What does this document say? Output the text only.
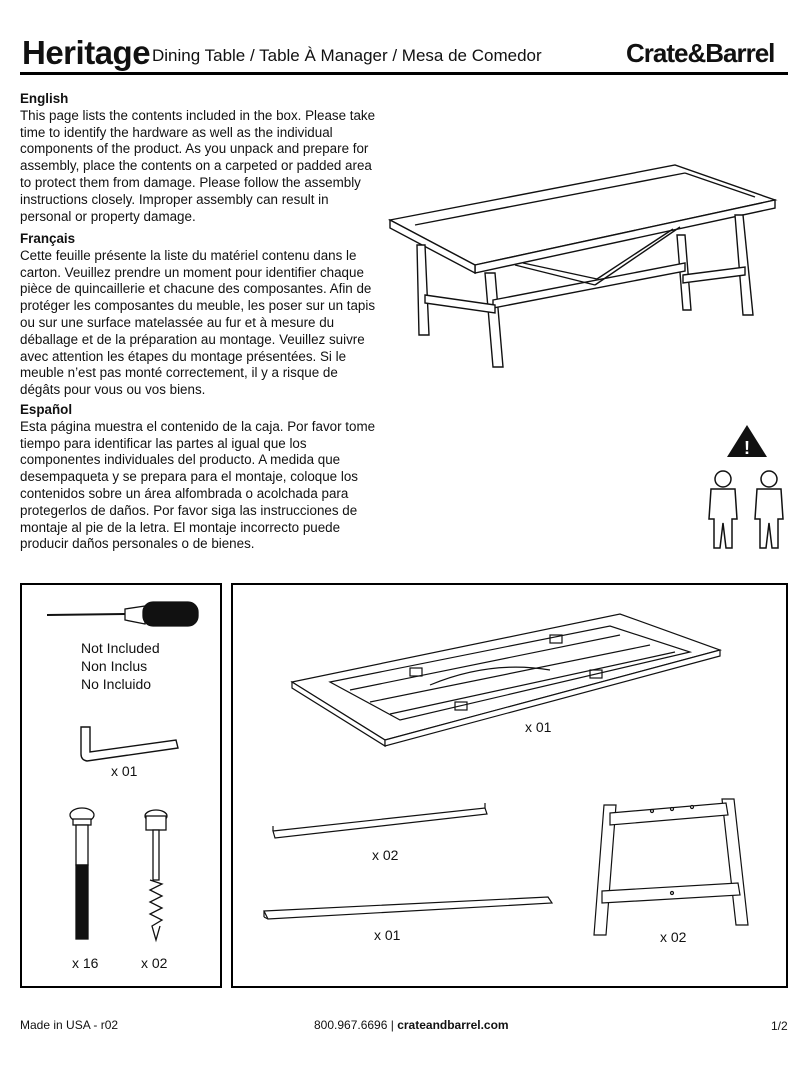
Heritage Dining Table / Table À Manager / Mesa de Comedor	Crate&Barrel
English

This page lists the contents included in the box. Please take time to identify the hardware as well as the individual components of the product. As you unpack and prepare for assembly, place the contents on a carpeted or padded area to protect them from damage. Please follow the assembly instructions closely. Improper assembly can result in personal or property damage.

Français

Cette feuille présente la liste du matériel contenu dans le carton. Veuillez prendre un moment pour identifier chaque pièce de quincaillerie et chacune des composantes. Afin de protéger les composantes du meuble, les poser sur un tapis ou sur une surface matelassée au fur et à mesure du déballage et de la préparation au montage. Veuillez suivre avec attention les étapes du montage présentées. Si le meuble n’est pas monté correctement, il y a risque de dégâts pour vous ou vos biens.

Español

Esta página muestra el contenido de la caja. Por favor tome tiempo para identificar las partes al igual que los componentes individuales del producto. A medida que desempaqueta y se prepara para el montaje, coloque los contenidos sobre un área alfombrada o acolchada para protegerlos de daños. Por favor siga las instrucciones de montaje al pie de la letra. El montaje incorrecto puede producir daños personales o de bienes.

!
Not Included
Non Inclus
No Incluido
x 01
x 16	x 02
x 01
x 02
x 01	x 02
Made in USA - r02	800.967.6696 | crateandbarrel.com	1/2
